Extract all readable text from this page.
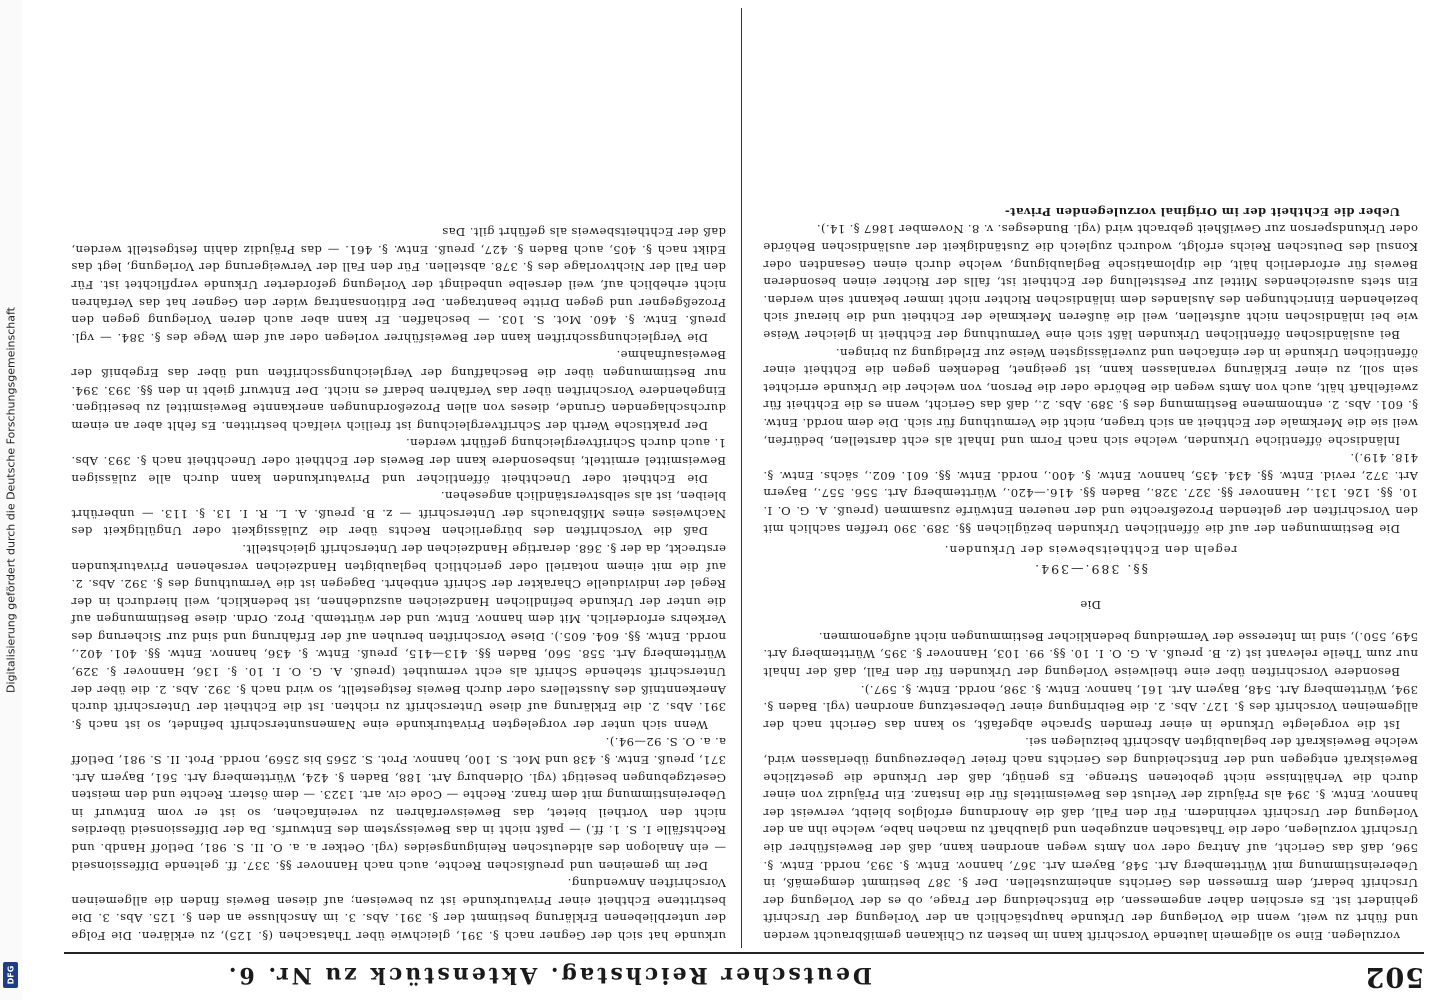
Digitalisierung gefördert durch die Deutsche Forschungsgemeinschaft
DFG	502
Deutscher Reichstag. Aktenstück zu Nr. 6.

vorzulegen. Eine so allgemein lautende Vorschrift kann im besten zu Chikanen gemißbraucht werden und führt zu weit, wenn die Vorlegung der Urkunde hauptsächlich an der Vorlegung der Urschrift gehindert ist. Es erschien daher angemessen, die Entscheidung der Frage, ob es der Vorlegung der Urschrift bedarf, dem Ermessen des Gerichts anheimzustellen. Der §. 387 bestimmt demgemäß, in Uebereinstimmung mit Württemberg Art. 548, Bayern Art. 367, hannov. Entw. §. 393, nordd. Entw. §. 596, daß das Gericht, auf Antrag oder von Amts wegen anordnen kann, daß der Beweisführer die Urschrift vorzulegen, oder die Thatsachen anzugeben und glaubhaft zu machen habe, welche ihn an der Vorlegung der Urschrift verhindern. Für den Fall, daß die Anordnung erfolglos bleibt, verweist der hannov. Entw. §. 394 als Präjudiz der Verlust des Beweismittels für die Instanz. Ein Präjudiz von einer durch die Verhältnisse nicht gebotenen Strenge. Es genügt, daß der Urkunde die gesetzliche Beweiskraft entgegen und der Entscheidung des Gerichts nach freier Ueberzeugung überlassen wird, welche Beweiskraft der beglaubigten Abschrift beizulegen sei.

Ist die vorgelegte Urkunde in einer fremden Sprache abgefaßt, so kann das Gericht nach der allgemeinen Vorschrift des §. 127. Abs. 2. die Beibringung einer Uebersetzung anordnen (vgl. Baden §. 394, Württemberg Art. 548, Bayern Art. 161, hannov. Entw. §. 398, nordd. Entw. §. 597.).

Besondere Vorschriften über eine theilweise Vorlegung der Urkunden für den Fall, daß der Inhalt nur zum Theile relevant ist (z. B. preuß. A. G. O. I. 10. §§. 99. 103, Hannover §. 395, Württemberg Art. 549, 550.), sind im Interesse der Vermeidung bedenklicher Bestimmungen nicht aufgenommen.

Die

§§. 389.—394.

regeln den Echtheitsbeweis der Urkunden.

Die Bestimmungen der auf die öffentlichen Urkunden bezüglichen §§. 389. 390 treffen sachlich mit den Vorschriften der geltenden Prozeßrechte und der neueren Entwürfe zusammen (preuß. A. G. O. I. 10. §§. 126. 131., Hannover §§. 327. 328., Baden §§. 416.—420., Württemberg Art. 556. 557., Bayern Art. 372, revid. Entw. §§. 434. 435, hannov. Entw. §. 400., nordd. Entw. §§. 601. 602., sächs. Entw. §. 418. 419.).

Inländische öffentliche Urkunden, welche sich nach Form und Inhalt als echt darstellen, bedürfen, weil sie die Merkmale der Echtheit an sich tragen, nicht die Vermuthung für sich. Die dem nordd. Entw. §. 601. Abs. 2. entnommene Bestimmung des §. 389. Abs. 2., daß das Gericht, wenn es die Echtheit für zweifelhaft hält, auch von Amts wegen die Behörde oder die Person, von welcher die Urkunde errichtet sein soll, zu einer Erklärung veranlassen kann, ist geeignet, Bedenken gegen die Echtheit einer öffentlichen Urkunde in der einfachen und zuverlässigsten Weise zur Erledigung zu bringen.

Bei ausländischen öffentlichen Urkunden läßt sich eine Vermuthung der Echtheit in gleicher Weise wie bei inländischen nicht aufstellen, weil die äußeren Merkmale der Echtheit und die hierauf sich beziehenden Einrichtungen des Auslandes dem inländischen Richter nicht immer bekannt sein werden. Ein stets ausreichendes Mittel zur Feststellung der Echtheit ist, falls der Richter einen besonderen Beweis für erforderlich hält, die diplomatische Beglaubigung, welche durch einen Gesandten oder Konsul des Deutschen Reichs erfolgt, wodurch zugleich die Zuständigkeit der ausländischen Behörde oder Urkundsperson zur Gewißheit gebracht wird (vgl. Bundesges. v. 8. November 1867 §. 14.).

Ueber die Echtheit der im Original vorzulegenden Privat-

urkunde hat sich der Gegner nach §. 391, gleichwie über Thatsachen (§. 125), zu erklären. Die Folge der unterbliebenen Erklärung bestimmt der §. 391. Abs. 3. im Anschlusse an den §. 125. Abs. 3. Die bestrittene Echtheit einer Privaturkunde ist zu beweisen; auf diesen Beweis finden die allgemeinen Vorschriften Anwendung.

Der im gemeinen und preußischen Rechte, auch nach Hannover §§. 337. ff. geltende Diffessionseid — ein Analogon des altdeutschen Reinigungseides (vgl. Oetker a. a. O. II. S. 981, Detloff Handb. und Rechtsfälle I. S. 1. ff.) — paßt nicht in das Beweissystem des Entwurfs. Da der Diffessionseid überdies nicht den Vortheil bietet, das Beweisverfahren zu vereinfachen, so ist er vom Entwurf in Uebereinstimmung mit dem franz. Rechte — Code civ. art. 1323. — dem österr. Rechte und den meisten Gesetzgebungen beseitigt (vgl. Oldenburg Art. 188, Baden §. 424, Württemberg Art. 561, Bayern Art. 371, preuß. Entw. §. 438 und Mot. S. 100, hannov. Prot. S. 2565 bis 2569, nordd. Prot. II. S. 981, Detloff a. a. O. S. 92—94.).

Wenn sich unter der vorgelegten Privaturkunde eine Namensunterschrift befindet, so ist nach §. 391. Abs. 2. die Erklärung auf diese Unterschrift zu richten. Ist die Echtheit der Unterschrift durch Anerkenntniß des Ausstellers oder durch Beweis festgestellt, so wird nach §. 392. Abs. 2. die über der Unterschrift stehende Schrift als echt vermuthet (preuß. A. G. O. I. 10. §. 136, Hannover §. 329, Württemberg Art. 558. 560, Baden §§. 413—415, preuß. Entw. §. 436, hannov. Entw. §§. 401. 402., nordd. Entw. §§. 604. 605.). Diese Vorschriften beruhen auf der Erfahrung und sind zur Sicherung des Verkehrs erforderlich. Mit dem hannov. Entw. und der württemb. Proz. Ordn. diese Bestimmungen auf die unter der Urkunde befindlichen Handzeichen auszudehnen, ist bedenklich, weil hierdurch in der Regel der individuelle Charakter der Schrift entbehrt. Dagegen ist die Vermuthung des §. 392. Abs. 2. auf die mit einem notariell oder gerichtlich beglaubigten Handzeichen versehenen Privaturkunden erstreckt, da der §. 368. derartige Handzeichen der Unterschrift gleichstellt.

Daß die Vorschriften des bürgerlichen Rechts über die Zulässigkeit oder Ungültigkeit des Nachweises eines Mißbrauchs der Unterschrift — z. B. preuß. A. L. R. I. 13. §. 113. — unberührt bleiben, ist als selbstverständlich angesehen.

Die Echtheit oder Unechtheit öffentlicher und Privaturkunden kann durch alle zulässigen Beweismittel ermittelt, insbesondere kann der Beweis der Echtheit oder Unechtheit nach §. 393. Abs. 1. auch durch Schriftvergleichung geführt werden.

Der praktische Werth der Schriftvergleichung ist freilich vielfach bestritten. Es fehlt aber an einem durchschlagenden Grunde, dieses von allen Prozeßordnungen anerkannte Beweismittel zu beseitigen. Eingehendere Vorschriften über das Verfahren bedarf es nicht. Der Entwurf giebt in den §§. 393. 394. nur Bestimmungen über die Beschaffung der Vergleichungsschriften und über das Ergebniß der Beweisaufnahme.

Die Vergleichungsschriften kann der Beweisführer vorlegen oder auf dem Wege des §. 384. — vgl. preuß. Entw. §. 460. Mot. S. 103. — beschaffen. Er kann aber auch deren Vorlegung gegen den Prozeßgegner und gegen Dritte beantragen. Der Editionsantrag wider den Gegner hat das Verfahren nicht erheblich auf, weil derselbe unbedingt der Vorlegung geforderter Urkunde verpflichtet ist. Für den Fall der Nichtvorlage des §. 378. abstellen. Für den Fall der Verweigerung der Vorlegung, legt das Edikt nach §. 405, auch Baden §. 427, preuß. Entw. §. 461. — das Präjudiz dahin festgestellt werden, daß der Echtheitsbeweis als geführt gilt. Das
